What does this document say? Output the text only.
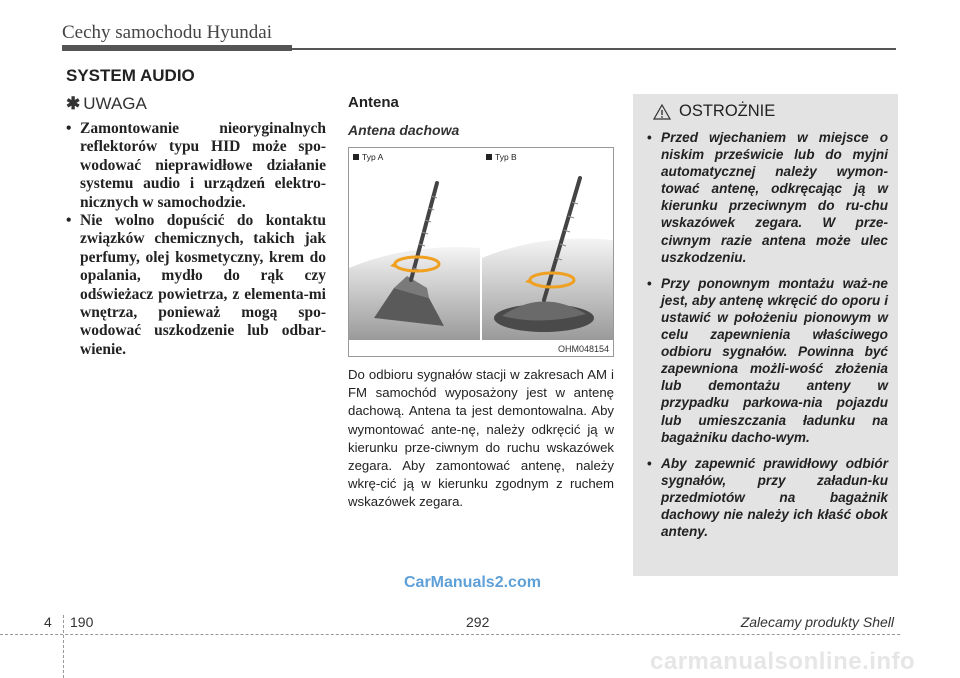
Cechy samochodu Hyundai
SYSTEM AUDIO
✱ UWAGA
• Zamontowanie nieoryginalnych reflektorów typu HID może spo-wodować nieprawidłowe działanie systemu audio i urządzeń elektro-nicznych w samochodzie.
• Nie wolno dopuścić do kontaktu związków chemicznych, takich jak perfumy, olej kosmetyczny, krem do opalania, mydło do rąk czy odświeżacz powietrza, z elementa-mi wnętrza, ponieważ mogą spo-wodować uszkodzenie lub odbar-wienie.
Antena
Antena dachowa
Typ A	Typ B
OHM048154
Do odbioru sygnałów stacji w zakresach AM i FM samochód wyposażony jest w antenę dachową. Antena ta jest demontowalna. Aby wymontować ante-nę, należy odkręcić ją w kierunku prze-ciwnym do ruchu wskazówek zegara. Aby zamontować antenę, należy wkrę-cić ją w kierunku zgodnym z ruchem wskazówek zegara.
OSTROŻNIE
• Przed wjechaniem w miejsce o niskim prześwicie lub do myjni automatycznej należy wymon-tować antenę, odkręcając ją w kierunku przeciwnym do ru-chu wskazówek zegara. W prze-ciwnym razie antena może ulec uszkodzeniu.
• Przy ponownym montażu waż-ne jest, aby antenę wkręcić do oporu i ustawić w położeniu pionowym w celu zapewnienia właściwego odbioru sygnałów. Powinna być zapewniona możli-wość złożenia lub demontażu anteny w przypadku parkowa-nia pojazdu lub umieszczania ładunku na bagażniku dacho-wym.
• Aby zapewnić prawidłowy odbiór sygnałów, przy załadun-ku przedmiotów na bagażnik dachowy nie należy ich kłaść obok anteny.
CarManuals2.com
4 190	292	Zalecamy produkty Shell
carmanualsonline.info
